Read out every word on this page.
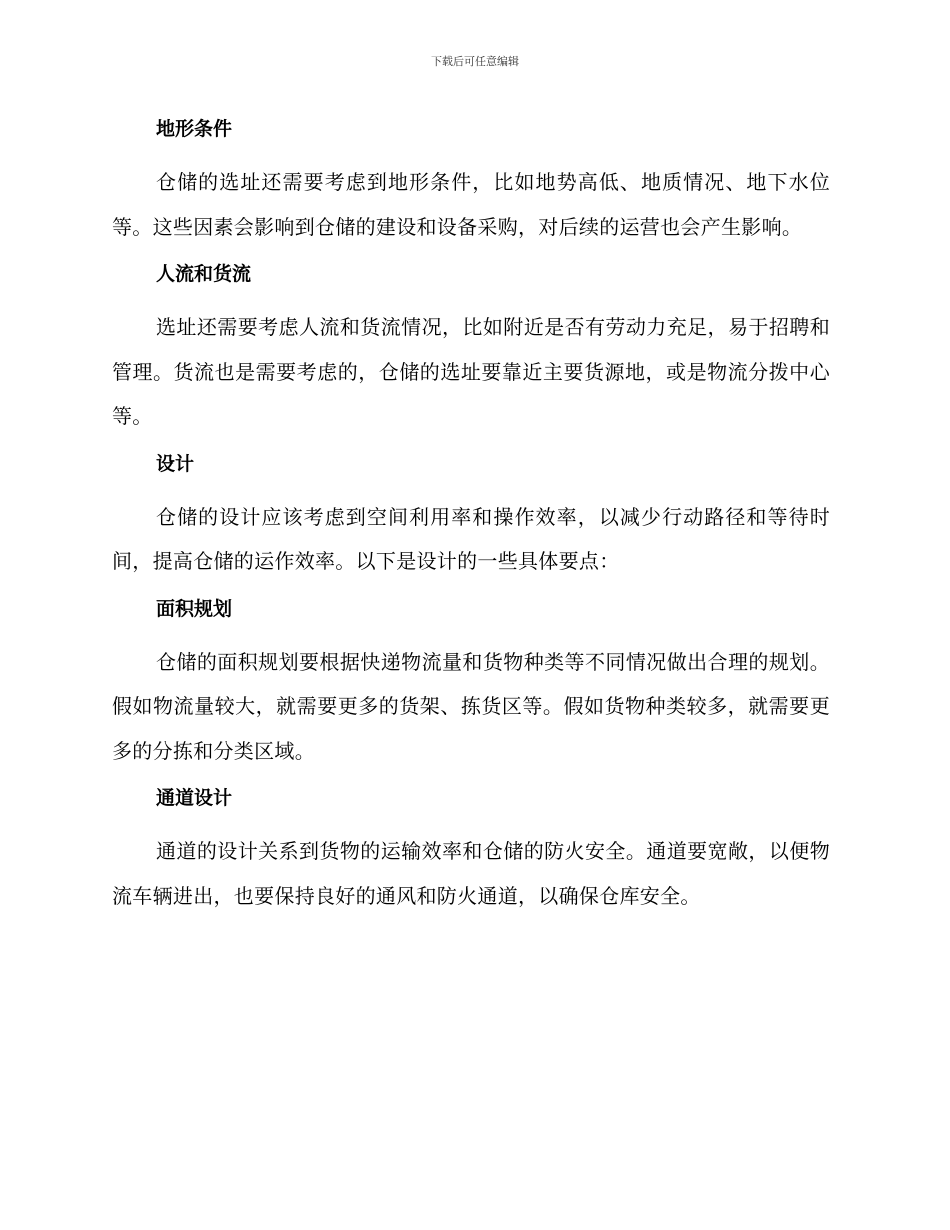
下载后可任意编辑
地形条件

仓储的选址还需要考虑到地形条件，比如地势高低、地质情况、地下水位等。这些因素会影响到仓储的建设和设备采购，对后续的运营也会产生影响。

人流和货流

选址还需要考虑人流和货流情况，比如附近是否有劳动力充足，易于招聘和管理。货流也是需要考虑的，仓储的选址要靠近主要货源地，或是物流分拨中心等。

设计

仓储的设计应该考虑到空间利用率和操作效率，以减少行动路径和等待时间，提高仓储的运作效率。以下是设计的一些具体要点：

面积规划

仓储的面积规划要根据快递物流量和货物种类等不同情况做出合理的规划。假如物流量较大，就需要更多的货架、拣货区等。假如货物种类较多，就需要更多的分拣和分类区域。

通道设计

通道的设计关系到货物的运输效率和仓储的防火安全。通道要宽敞，以便物流车辆进出，也要保持良好的通风和防火通道，以确保仓库安全。
